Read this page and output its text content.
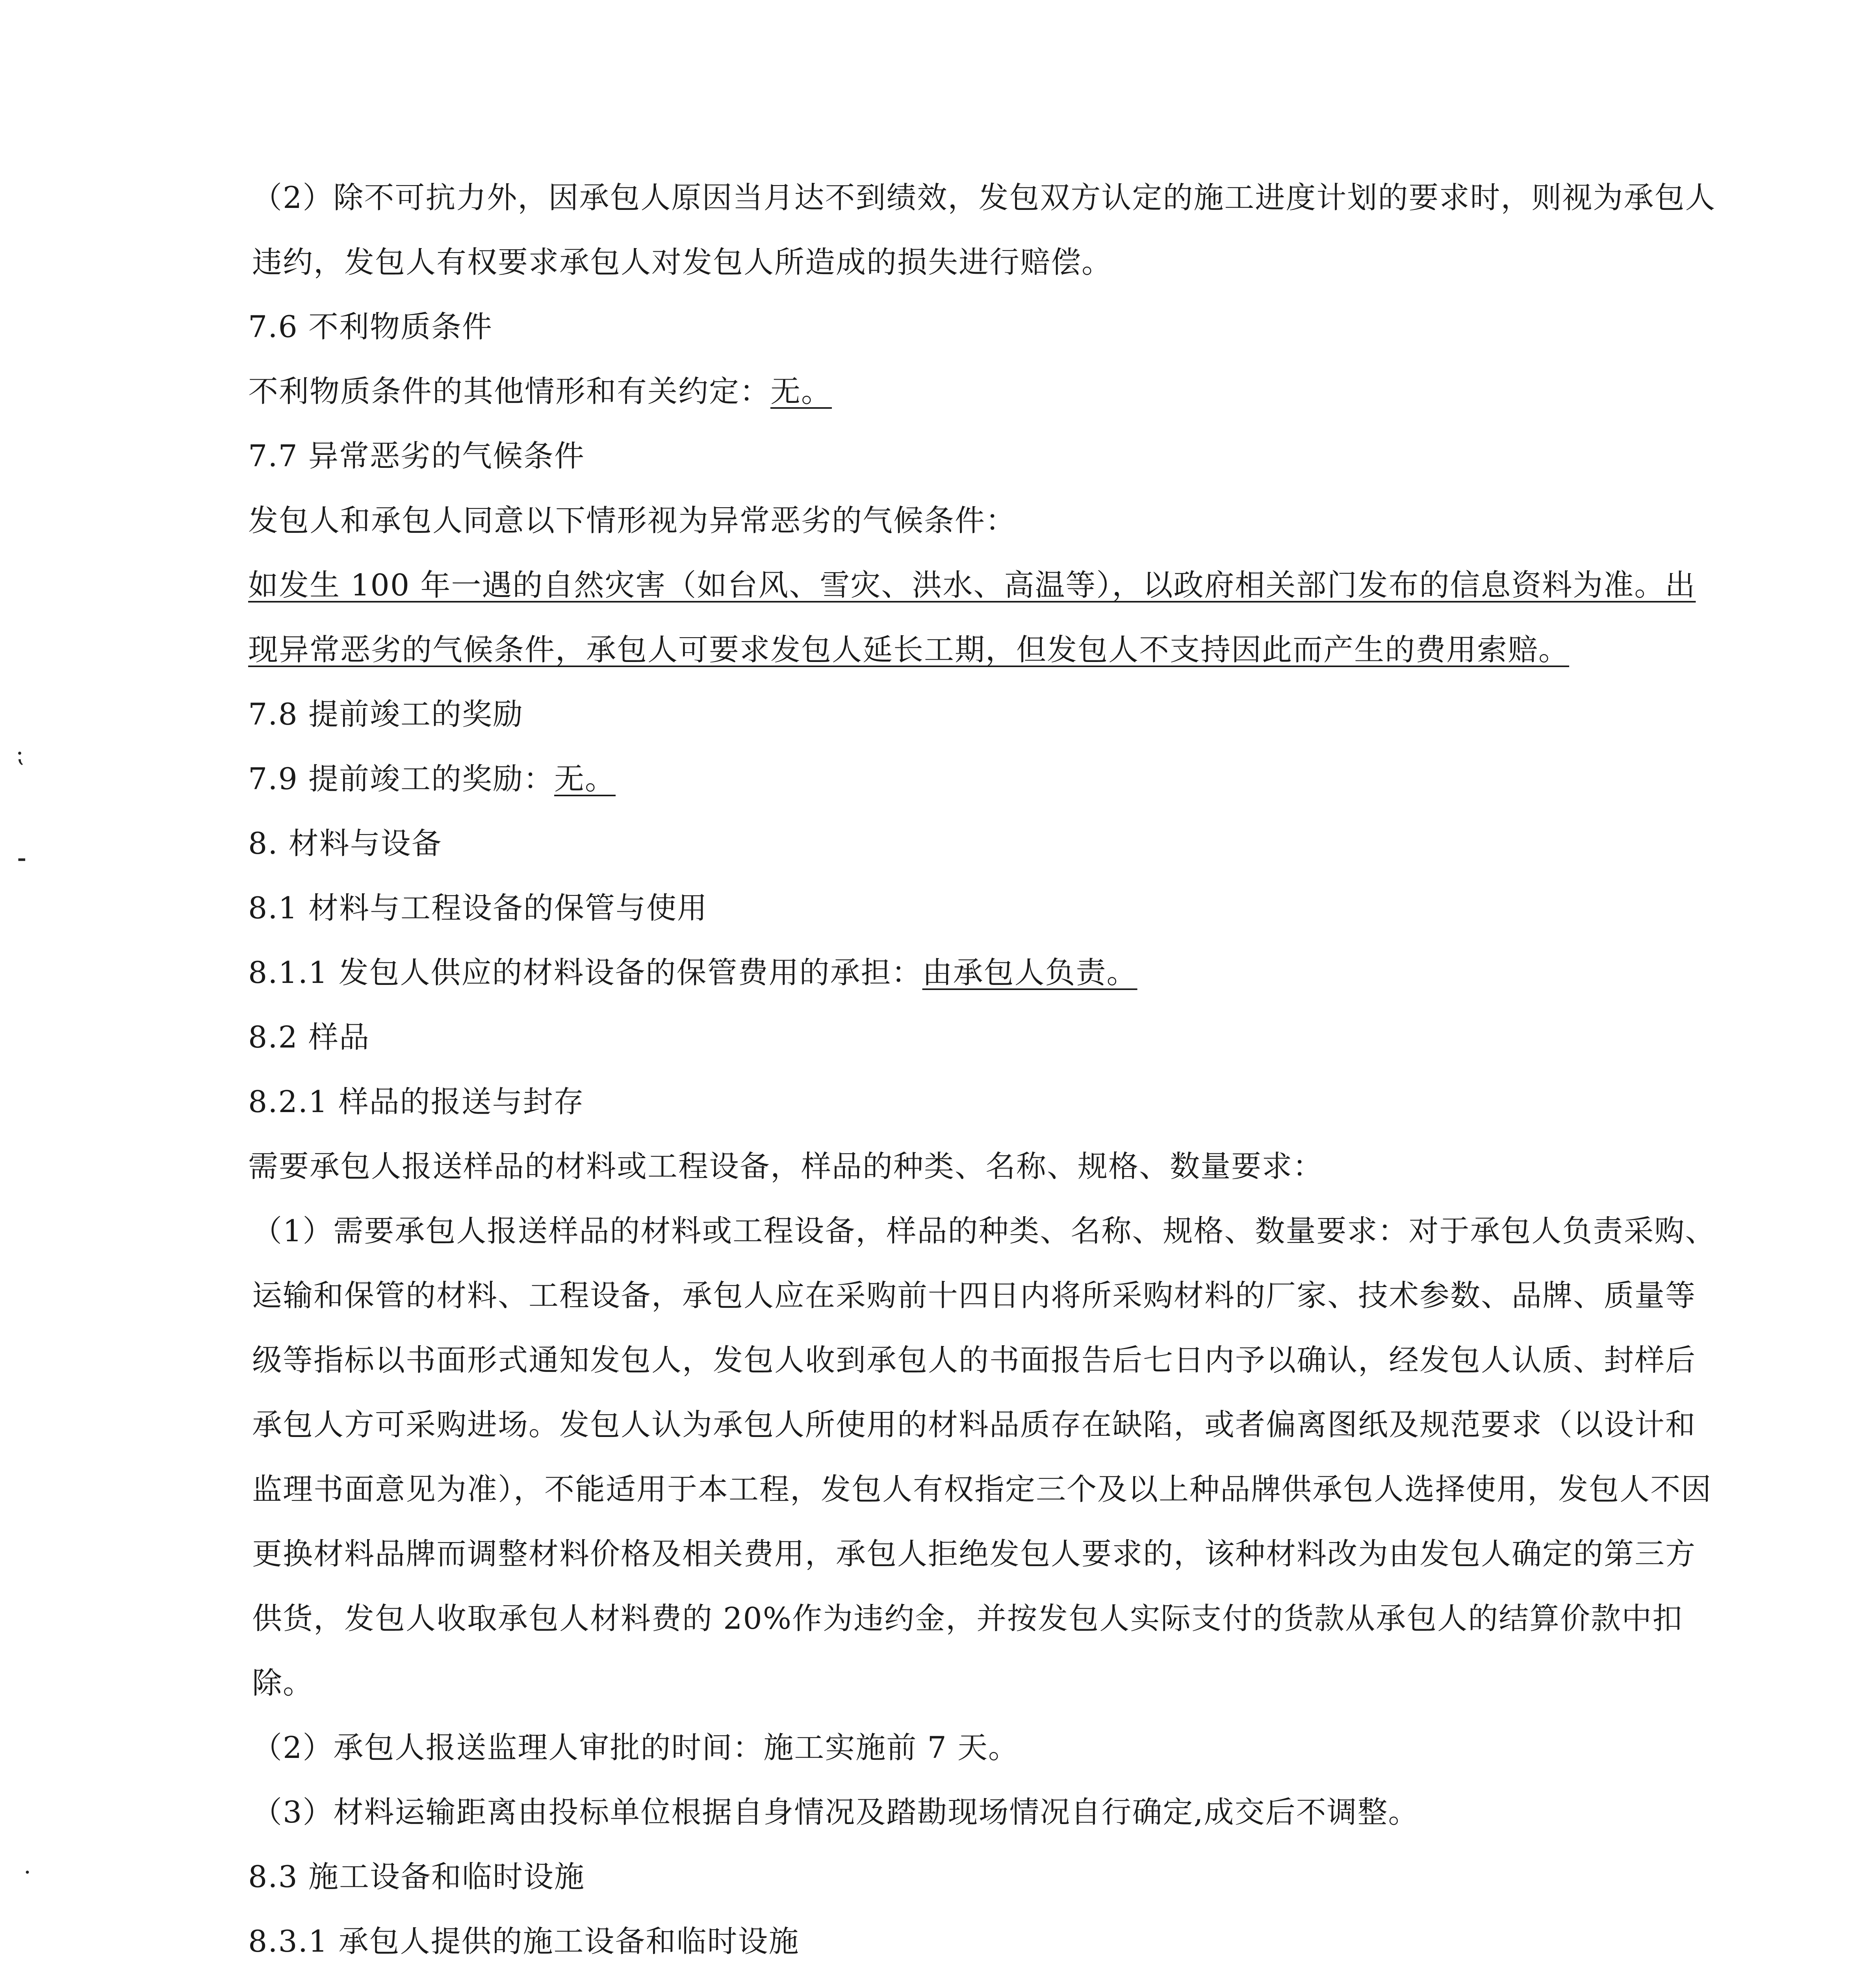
（2）除不可抗力外，因承包人原因当月达不到绩效，发包双方认定的施工进度计划的要求时，则视为承包人违约，发包人有权要求承包人对发包人所造成的损失进行赔偿。

7.6 不利物质条件

不利物质条件的其他情形和有关约定：无。

7.7 异常恶劣的气候条件

发包人和承包人同意以下情形视为异常恶劣的气候条件：

如发生 100 年一遇的自然灾害（如台风、雪灾、洪水、高温等），以政府相关部门发布的信息资料为准。出现异常恶劣的气候条件，承包人可要求发包人延长工期，但发包人不支持因此而产生的费用索赔。

7.8 提前竣工的奖励

7.9 提前竣工的奖励：无。

8. 材料与设备

8.1 材料与工程设备的保管与使用

8.1.1 发包人供应的材料设备的保管费用的承担：由承包人负责。

8.2 样品

8.2.1 样品的报送与封存

需要承包人报送样品的材料或工程设备，样品的种类、名称、规格、数量要求：

（1）需要承包人报送样品的材料或工程设备，样品的种类、名称、规格、数量要求：对于承包人负责采购、运输和保管的材料、工程设备，承包人应在采购前十四日内将所采购材料的厂家、技术参数、品牌、质量等级等指标以书面形式通知发包人，发包人收到承包人的书面报告后七日内予以确认，经发包人认质、封样后承包人方可采购进场。发包人认为承包人所使用的材料品质存在缺陷，或者偏离图纸及规范要求（以设计和监理书面意见为准），不能适用于本工程，发包人有权指定三个及以上种品牌供承包人选择使用，发包人不因更换材料品牌而调整材料价格及相关费用，承包人拒绝发包人要求的，该种材料改为由发包人确定的第三方供货，发包人收取承包人材料费的 20%作为违约金，并按发包人实际支付的货款从承包人的结算价款中扣除。

（2）承包人报送监理人审批的时间：施工实施前 7 天。

（3）材料运输距离由投标单位根据自身情况及踏勘现场情况自行确定,成交后不调整。

8.3 施工设备和临时设施

8.3.1 承包人提供的施工设备和临时设施

⁏
⁃
·
